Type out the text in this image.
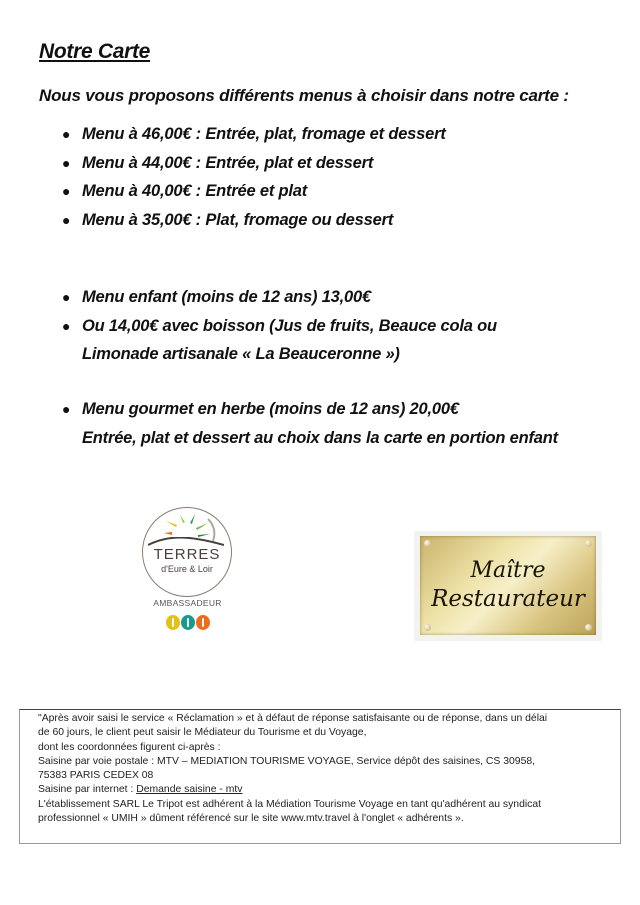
Notre Carte
Nous vous proposons différents menus à choisir dans notre carte :
● Menu à 46,00€ : Entrée, plat, fromage et dessert
● Menu à 44,00€ : Entrée, plat et dessert
● Menu à 40,00€ : Entrée et plat
● Menu à 35,00€ : Plat, fromage ou dessert
● Menu enfant (moins de 12 ans) 13,00€
● Ou 14,00€ avec boisson (Jus de fruits, Beauce cola ou
Limonade artisanale « La Beauceronne »)
● Menu gourmet en herbe (moins de 12 ans) 20,00€
Entrée, plat et dessert au choix dans la carte en portion enfant
TERRES
d'Eure & Loir
AMBASSADEUR
Maître
Restaurateur
"Après avoir saisi le service « Réclamation » et à défaut de réponse satisfaisante ou de réponse, dans un délai
de 60 jours, le client peut saisir le Médiateur du Tourisme et du Voyage,
dont les coordonnées figurent ci-après :
Saisine par voie postale : MTV – MEDIATION TOURISME VOYAGE, Service dépôt des saisines, CS 30958,
75383 PARIS CEDEX 08
Saisine par internet : Demande saisine - mtv
L'établissement SARL Le Tripot est adhérent à la Médiation Tourisme Voyage en tant qu'adhérent au syndicat
professionnel « UMIH » dûment référencé sur le site www.mtv.travel à l'onglet « adhérents ».
